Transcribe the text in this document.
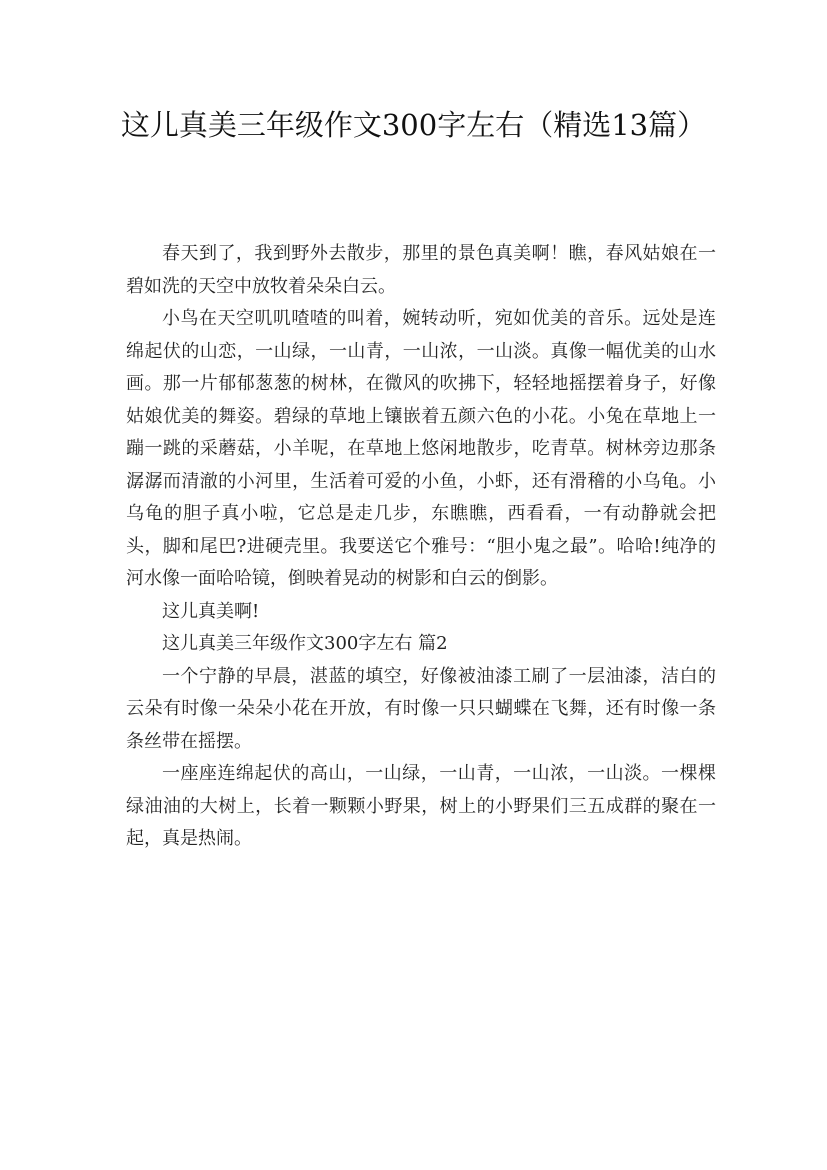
这儿真美三年级作文300字左右（精选13篇）

春天到了，我到野外去散步，那里的景色真美啊！瞧，春风姑娘在一碧如洗的天空中放牧着朵朵白云。

小鸟在天空叽叽喳喳的叫着，婉转动听，宛如优美的音乐。远处是连绵起伏的山恋，一山绿，一山青，一山浓，一山淡。真像一幅优美的山水画。那一片郁郁葱葱的树林，在微风的吹拂下，轻轻地摇摆着身子，好像姑娘优美的舞姿。碧绿的草地上镶嵌着五颜六色的小花。小兔在草地上一蹦一跳的采蘑菇，小羊呢，在草地上悠闲地散步，吃青草。树林旁边那条潺潺而清澈的小河里，生活着可爱的小鱼，小虾，还有滑稽的小乌龟。小乌龟的胆子真小啦，它总是走几步，东瞧瞧，西看看，一有动静就会把头，脚和尾巴?进硬壳里。我要送它个雅号：“胆小鬼之最”。哈哈!纯净的河水像一面哈哈镜，倒映着晃动的树影和白云的倒影。

这儿真美啊!

这儿真美三年级作文300字左右 篇2

一个宁静的早晨，湛蓝的填空，好像被油漆工刷了一层油漆，洁白的云朵有时像一朵朵小花在开放，有时像一只只蝴蝶在飞舞，还有时像一条条丝带在摇摆。

一座座连绵起伏的高山，一山绿，一山青，一山浓，一山淡。一棵棵绿油油的大树上，长着一颗颗小野果，树上的小野果们三五成群的聚在一起，真是热闹。
